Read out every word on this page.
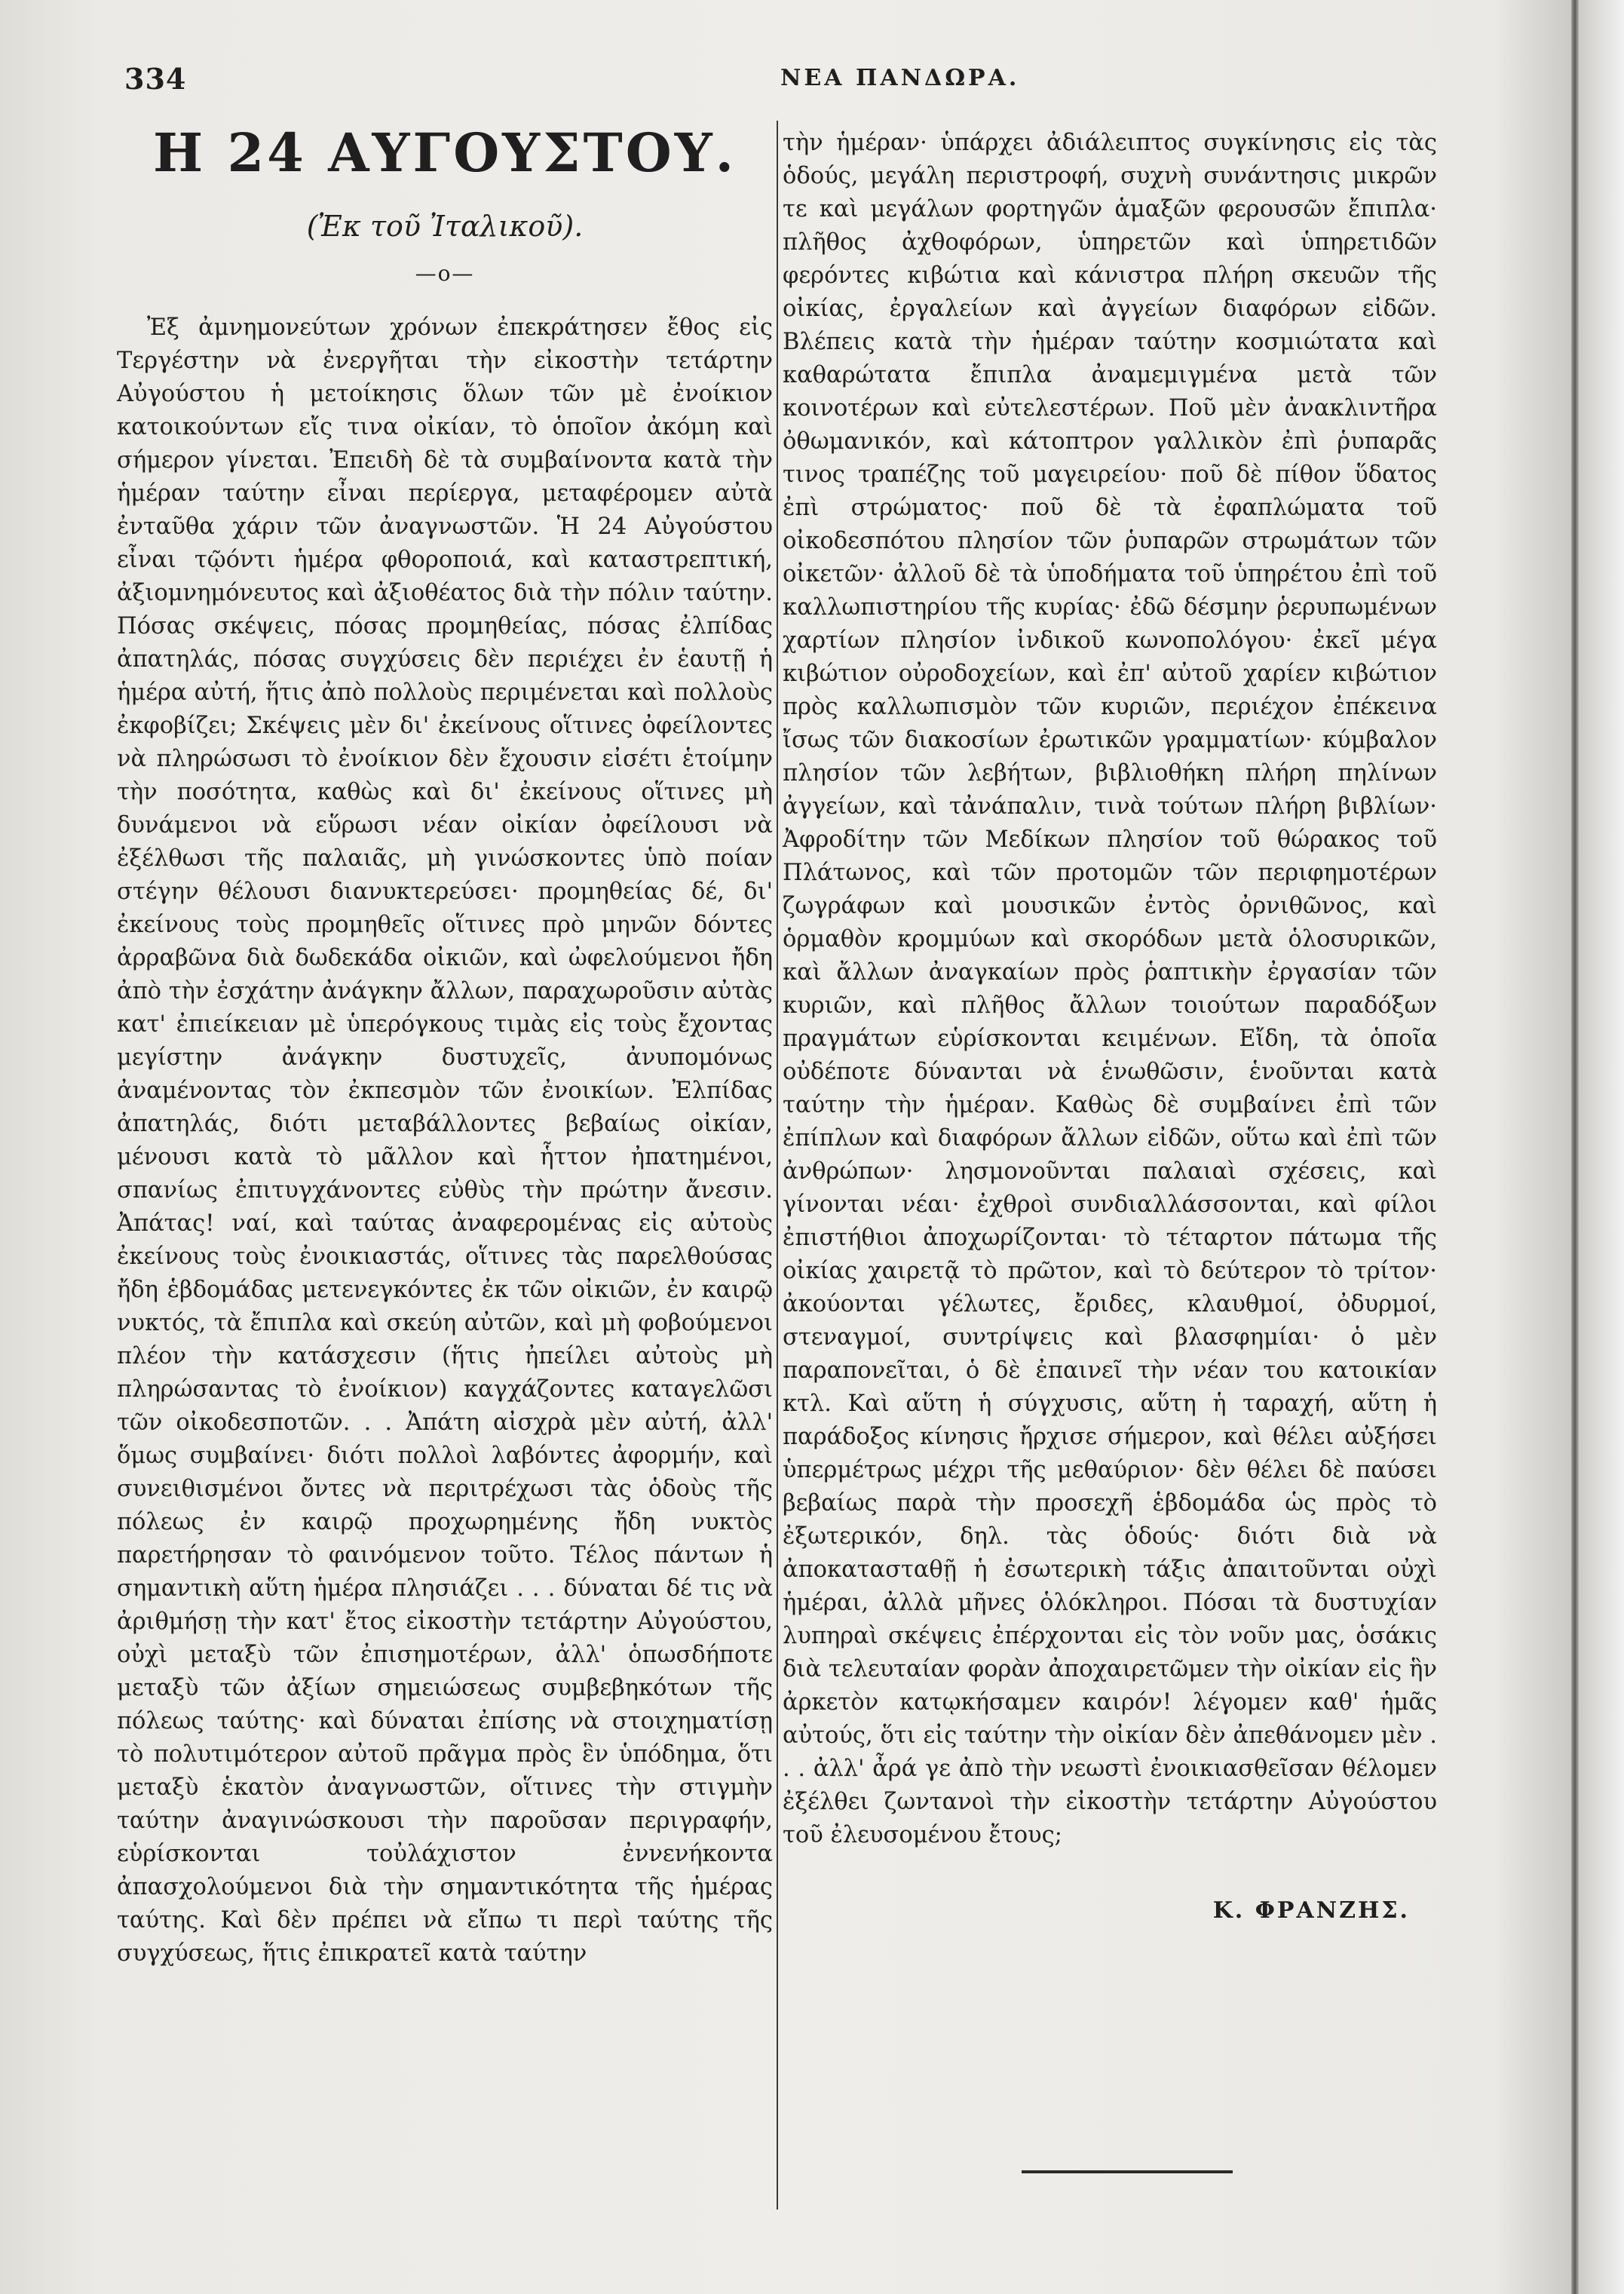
334	ΝΕΑ ΠΑΝΔΩΡΑ.
Η 24 ΑΥΓΟΥΣΤΟΥ.
(Ἐκ τοῦ Ἰταλικοῦ).
—o—

Ἐξ ἀμνημονεύτων χρόνων ἐπεκράτησεν ἔθος εἰς Τεργέστην νὰ ἐνεργῆται τὴν εἰκοστὴν τετάρτην Αὐγούστου ἡ μετοίκησις ὅλων τῶν μὲ ἐνοίκιον κατοικούντων εἴς τινα οἰκίαν, τὸ ὁποῖον ἀκόμη καὶ σήμερον γίνεται. Ἐπειδὴ δὲ τὰ συμβαίνοντα κατὰ τὴν ἡμέραν ταύτην εἶναι περίεργα, μεταφέρομεν αὐτὰ ἐνταῦθα χάριν τῶν ἀναγνωστῶν. Ἡ 24 Αὐγούστου εἶναι τῷόντι ἡμέρα φθοροποιά, καὶ καταστρεπτική, ἀξιομνημόνευτος καὶ ἀξιοθέατος διὰ τὴν πόλιν ταύτην. Πόσας σκέψεις, πόσας προμηθείας, πόσας ἐλπίδας ἀπατηλάς, πόσας συγχύσεις δὲν περιέχει ἐν ἑαυτῇ ἡ ἡμέρα αὐτή, ἥτις ἀπὸ πολλοὺς περιμένεται καὶ πολλοὺς ἐκφοβίζει; Σκέψεις μὲν δι' ἐκείνους οἵτινες ὀφείλοντες νὰ πληρώσωσι τὸ ἐνοίκιον δὲν ἔχουσιν εἰσέτι ἑτοίμην τὴν ποσότητα, καθὼς καὶ δι' ἐκείνους οἵτινες μὴ δυνάμενοι νὰ εὕρωσι νέαν οἰκίαν ὀφείλουσι νὰ ἐξέλθωσι τῆς παλαιᾶς, μὴ γινώσκοντες ὑπὸ ποίαν στέγην θέλουσι διανυκτερεύσει· προμηθείας δέ, δι' ἐκείνους τοὺς προμηθεῖς οἵτινες πρὸ μηνῶν δόντες ἀρραβῶνα διὰ δωδεκάδα οἰκιῶν, καὶ ὠφελούμενοι ἤδη ἀπὸ τὴν ἐσχάτην ἀνάγκην ἄλλων, παραχωροῦσιν αὐτὰς κατ' ἐπιείκειαν μὲ ὑπερόγκους τιμὰς εἰς τοὺς ἔχοντας μεγίστην ἀνάγκην δυστυχεῖς, ἀνυπομόνως ἀναμένοντας τὸν ἐκπεσμὸν τῶν ἐνοικίων. Ἐλπίδας ἀπατηλάς, διότι μεταβάλλοντες βεβαίως οἰκίαν, μένουσι κατὰ τὸ μᾶλλον καὶ ἧττον ἠπατημένοι, σπανίως ἐπιτυγχάνοντες εὐθὺς τὴν πρώτην ἄνεσιν. Ἀπάτας! ναί, καὶ ταύτας ἀναφερομένας εἰς αὐτοὺς ἐκείνους τοὺς ἐνοικιαστάς, οἵτινες τὰς παρελθούσας ἤδη ἑβδομάδας μετενεγκόντες ἐκ τῶν οἰκιῶν, ἐν καιρῷ νυκτός, τὰ ἔπιπλα καὶ σκεύη αὐτῶν, καὶ μὴ φοβούμενοι πλέον τὴν κατάσχεσιν (ἥτις ἠπείλει αὐτοὺς μὴ πληρώσαντας τὸ ἐνοίκιον) καγχάζοντες καταγελῶσι τῶν οἰκοδεσποτῶν. . . Ἀπάτη αἰσχρὰ μὲν αὐτή, ἀλλ' ὅμως συμβαίνει· διότι πολλοὶ λαβόντες ἀφορμήν, καὶ συνειθισμένοι ὄντες νὰ περιτρέχωσι τὰς ὁδοὺς τῆς πόλεως ἐν καιρῷ προχωρημένης ἤδη νυκτὸς παρετήρησαν τὸ φαινόμενον τοῦτο. Τέλος πάντων ἡ σημαντικὴ αὕτη ἡμέρα πλησιάζει . . . δύναται δέ τις νὰ ἀριθμήσῃ τὴν κατ' ἔτος εἰκοστὴν τετάρτην Αὐγούστου, οὐχὶ μεταξὺ τῶν ἐπισημοτέρων, ἀλλ' ὁπωσδήποτε μεταξὺ τῶν ἀξίων σημειώσεως συμβεβηκότων τῆς πόλεως ταύτης· καὶ δύναται ἐπίσης νὰ στοιχηματίσῃ τὸ πολυτιμότερον αὐτοῦ πρᾶγμα πρὸς ἓν ὑπόδημα, ὅτι μεταξὺ ἑκατὸν ἀναγνωστῶν, οἵτινες τὴν στιγμὴν ταύτην ἀναγινώσκουσι τὴν παροῦσαν περιγραφήν, εὑρίσκονται τοὐλάχιστον ἐννενήκοντα ἀπασχολούμενοι διὰ τὴν σημαντικότητα τῆς ἡμέρας ταύτης. Καὶ δὲν πρέπει νὰ εἴπω τι περὶ ταύτης τῆς συγχύσεως, ἥτις ἐπικρατεῖ κατὰ ταύτην

τὴν ἡμέραν· ὑπάρχει ἀδιάλειπτος συγκίνησις εἰς τὰς ὁδούς, μεγάλη περιστροφή, συχνὴ συνάντησις μικρῶν τε καὶ μεγάλων φορτηγῶν ἁμαξῶν φερουσῶν ἔπιπλα· πλῆθος ἀχθοφόρων, ὑπηρετῶν καὶ ὑπηρετιδῶν φερόντες κιβώτια καὶ κάνιστρα πλήρη σκευῶν τῆς οἰκίας, ἐργαλείων καὶ ἀγγείων διαφόρων εἰδῶν. Βλέπεις κατὰ τὴν ἡμέραν ταύτην κοσμιώτατα καὶ καθαρώτατα ἔπιπλα ἀναμεμιγμένα μετὰ τῶν κοινοτέρων καὶ εὐτελεστέρων. Ποῦ μὲν ἀνακλιντῆρα ὀθωμανικόν, καὶ κάτοπτρον γαλλικὸν ἐπὶ ῥυπαρᾶς τινος τραπέζης τοῦ μαγειρείου· ποῦ δὲ πίθον ὕδατος ἐπὶ στρώματος· ποῦ δὲ τὰ ἐφαπλώματα τοῦ οἰκοδεσπότου πλησίον τῶν ῥυπαρῶν στρωμάτων τῶν οἰκετῶν· ἀλλοῦ δὲ τὰ ὑποδήματα τοῦ ὑπηρέτου ἐπὶ τοῦ καλλωπιστηρίου τῆς κυρίας· ἐδῶ δέσμην ῥερυπωμένων χαρτίων πλησίον ἰνδικοῦ κωνοπολόγου· ἐκεῖ μέγα κιβώτιον οὐροδοχείων, καὶ ἐπ' αὐτοῦ χαρίεν κιβώτιον πρὸς καλλωπισμὸν τῶν κυριῶν, περιέχον ἐπέκεινα ἴσως τῶν διακοσίων ἐρωτικῶν γραμματίων· κύμβαλον πλησίον τῶν λεβήτων, βιβλιοθήκη πλήρη πηλίνων ἀγγείων, καὶ τἀνάπαλιν, τινὰ τούτων πλήρη βιβλίων· Ἀφροδίτην τῶν Μεδίκων πλησίον τοῦ θώρακος τοῦ Πλάτωνος, καὶ τῶν προτομῶν τῶν περιφημοτέρων ζωγράφων καὶ μουσικῶν ἐντὸς ὀρνιθῶνος, καὶ ὁρμαθὸν κρομμύων καὶ σκορόδων μετὰ ὁλοσυρικῶν, καὶ ἄλλων ἀναγκαίων πρὸς ῥαπτικὴν ἐργασίαν τῶν κυριῶν, καὶ πλῆθος ἄλλων τοιούτων παραδόξων πραγμάτων εὑρίσκονται κειμένων. Εἴδη, τὰ ὁποῖα οὐδέποτε δύνανται νὰ ἑνωθῶσιν, ἑνοῦνται κατὰ ταύτην τὴν ἡμέραν. Καθὼς δὲ συμβαίνει ἐπὶ τῶν ἐπίπλων καὶ διαφόρων ἄλλων εἰδῶν, οὕτω καὶ ἐπὶ τῶν ἀνθρώπων· λησμονοῦνται παλαιαὶ σχέσεις, καὶ γίνονται νέαι· ἐχθροὶ συνδιαλλάσσονται, καὶ φίλοι ἐπιστήθιοι ἀποχωρίζονται· τὸ τέταρτον πάτωμα τῆς οἰκίας χαιρετᾷ τὸ πρῶτον, καὶ τὸ δεύτερον τὸ τρίτον· ἀκούονται γέλωτες, ἔριδες, κλαυθμοί, ὀδυρμοί, στεναγμοί, συντρίψεις καὶ βλασφημίαι· ὁ μὲν παραπονεῖται, ὁ δὲ ἐπαινεῖ τὴν νέαν του κατοικίαν κτλ. Καὶ αὕτη ἡ σύγχυσις, αὕτη ἡ ταραχή, αὕτη ἡ παράδοξος κίνησις ἤρχισε σήμερον, καὶ θέλει αὐξήσει ὑπερμέτρως μέχρι τῆς μεθαύριον· δὲν θέλει δὲ παύσει βεβαίως παρὰ τὴν προσεχῆ ἑβδομάδα ὡς πρὸς τὸ ἐξωτερικόν, δηλ. τὰς ὁδούς· διότι διὰ νὰ ἀποκατασταθῇ ἡ ἐσωτερικὴ τάξις ἀπαιτοῦνται οὐχὶ ἡμέραι, ἀλλὰ μῆνες ὁλόκληροι. Πόσαι τὰ δυστυχίαν λυπηραὶ σκέψεις ἐπέρχονται εἰς τὸν νοῦν μας, ὁσάκις διὰ τελευταίαν φορὰν ἀποχαιρετῶμεν τὴν οἰκίαν εἰς ἣν ἀρκετὸν κατῳκήσαμεν καιρόν! λέγομεν καθ' ἡμᾶς αὐτούς, ὅτι εἰς ταύτην τὴν οἰκίαν δὲν ἀπεθάνομεν μὲν . . . ἀλλ' ἆρά γε ἀπὸ τὴν νεωστὶ ἐνοικιασθεῖσαν θέλομεν ἐξέλθει ζωντανοὶ τὴν εἰκοστὴν τετάρτην Αὐγούστου τοῦ ἐλευσομένου ἔτους;

Κ. ΦΡΑΝΖΗΣ.
